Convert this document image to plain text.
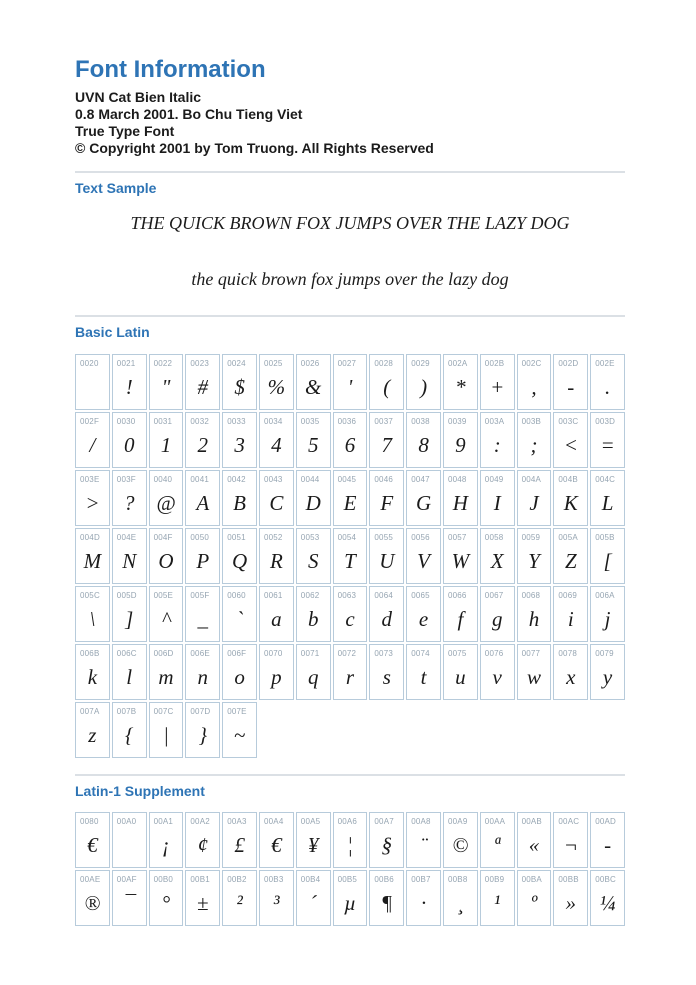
Font Information
UVN Cat Bien Italic
0.8 March 2001. Bo Chu Tieng Viet
True Type Font
© Copyright 2001 by Tom Truong. All Rights Reserved
Text Sample
THE QUICK BROWN FOX JUMPS OVER THE LAZY DOG
the quick brown fox jumps over the lazy dog
Basic Latin
0020	0021
!
0022
"
0023
#
0024
$
0025
%
0026
&
0027
'
0028
(
0029
)
002A
*
002B
+
002C
,
002D
-
002E
.
002F
/
0030
0
0031
1
0032
2
0033
3
0034
4
0035
5
0036
6
0037
7
0038
8
0039
9
003A
:
003B
;
003C
<
003D
=
003E
>
003F
?
0040
@
0041
A
0042
B
0043
C
0044
D
0045
E
0046
F
0047
G
0048
H
0049
I
004A
J
004B
K
004C
L
004D
M
004E
N
004F
O
0050
P
0051
Q
0052
R
0053
S
0054
T
0055
U
0056
V
0057
W
0058
X
0059
Y
005A
Z
005B
[
005C
\
005D
]
005E
^
005F
_
0060
`
0061
a
0062
b
0063
c
0064
d
0065
e
0066
f
0067
g
0068
h
0069
i
006A
j
006B
k
006C
l
006D
m
006E
n
006F
o
0070
p
0071
q
0072
r
0073
s
0074
t
0075
u
0076
v
0077
w
0078
x
0079
y
007A
z
007B
{
007C
|
007D
}
007E
~
Latin-1 Supplement
0080
€
00A0	00A1
¡
00A2
¢
00A3
£
00A4
€
00A5
¥
00A6
¦
00A7
§
00A8
¨
00A9
©
00AA
ª
00AB
«
00AC
¬
00AD
-
00AE
®
00AF
¯
00B0
°
00B1
±
00B2
²
00B3
³
00B4
´
00B5
µ
00B6
¶
00B7
·
00B8
¸
00B9
¹
00BA
º
00BB
»
00BC
¼
